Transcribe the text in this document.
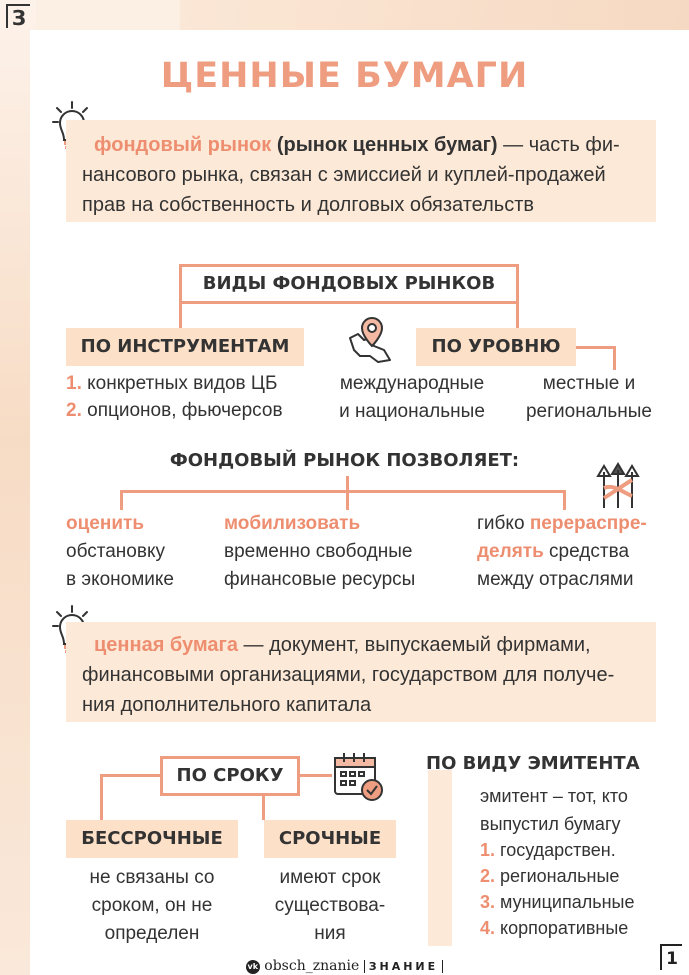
З
ЦЕННЫЕ БУМАГИ
фондовый рынок (рынок ценных бумаг) — часть фи-
нансового рынка, связан с эмиссией и куплей-продажей
прав на собственность и долговых обязательств
ВИДЫ ФОНДОВЫХ РЫНКОВ
ПО ИНСТРУМЕНТАМ
1. конкретных видов ЦБ
2. опционов, фьючерсов
ПО УРОВНЮ
международные
и национальные
местные и
региональные
ФОНДОВЫЙ РЫНОК ПОЗВОЛЯЕТ:
оценить
обстановку
в экономике
мобилизовать
временно свободные
финансовые ресурсы
гибко перераспре-
делять средства
между отраслями
ценная бумага — документ, выпускаемый фирмами,
финансовыми организациями, государством для получе-
ния дополнительного капитала
ПО СРОКУ
БЕССРОЧНЫЕ	СРОЧНЫЕ
не связаны со
сроком, он не
определен
имеют срок
существова-
ния
ПО ВИДУ ЭМИТЕНТА
эмитент – тот, кто
выпустил бумагу
1. государствен.
2. региональные
3. муниципальные
4. корпоративные
1
vk obsch_znanie ЗНАНИЕ
